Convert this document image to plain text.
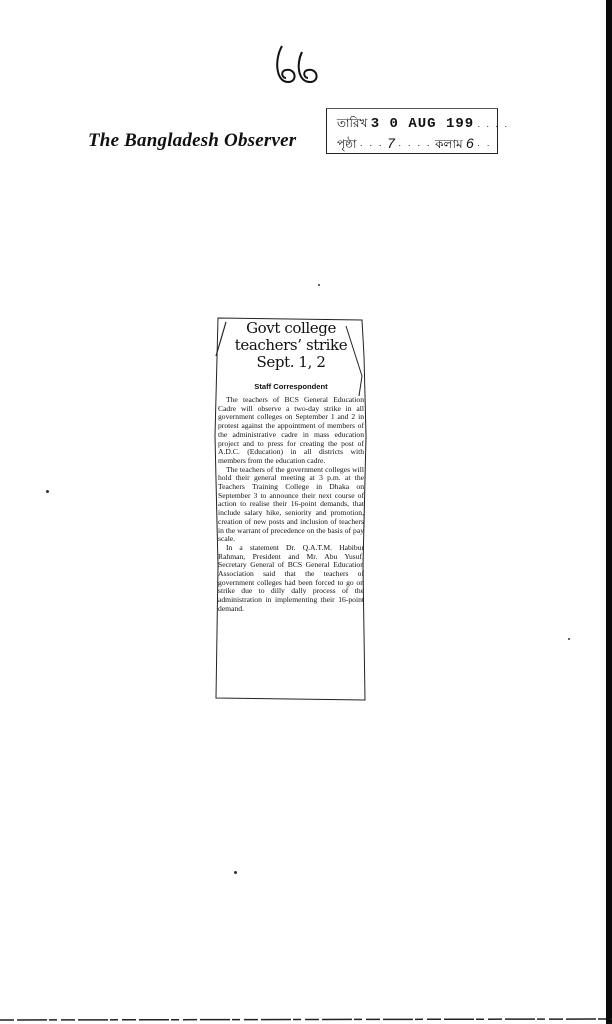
The Bangladesh Observer
তারিখ 3 0 AUG 199 . . . .
পৃষ্ঠা · · · 7 · · · · কলাম 6 · · ·
Govt college
teachers’ strike
Sept. 1, 2
Staff Correspondent

The teachers of BCS General Education Cadre will observe a two-day strike in all government colleges on September 1 and 2 in protest against the appointment of members of the administrative cadre in mass education project and to press for creating the post of A.D.C. (Education) in all districts with members from the education cadre.

The teachers of the government colleges will hold their general meeting at 3 p.m. at the Teachers Training College in Dhaka on September 3 to announce their next course of action to realise their 16-point demands, that include salary hike, seniority and promotion, creation of new posts and inclusion of teachers in the warrant of precedence on the basis of pay scale.

In a statement Dr. Q.A.T.M. Habibur Rahman, President and Mr. Abu Yusuf, Secretary General of BCS General Education Association said that the teachers of government colleges had been forced to go on strike due to dilly dally process of the administration in implementing their 16-point demand.
